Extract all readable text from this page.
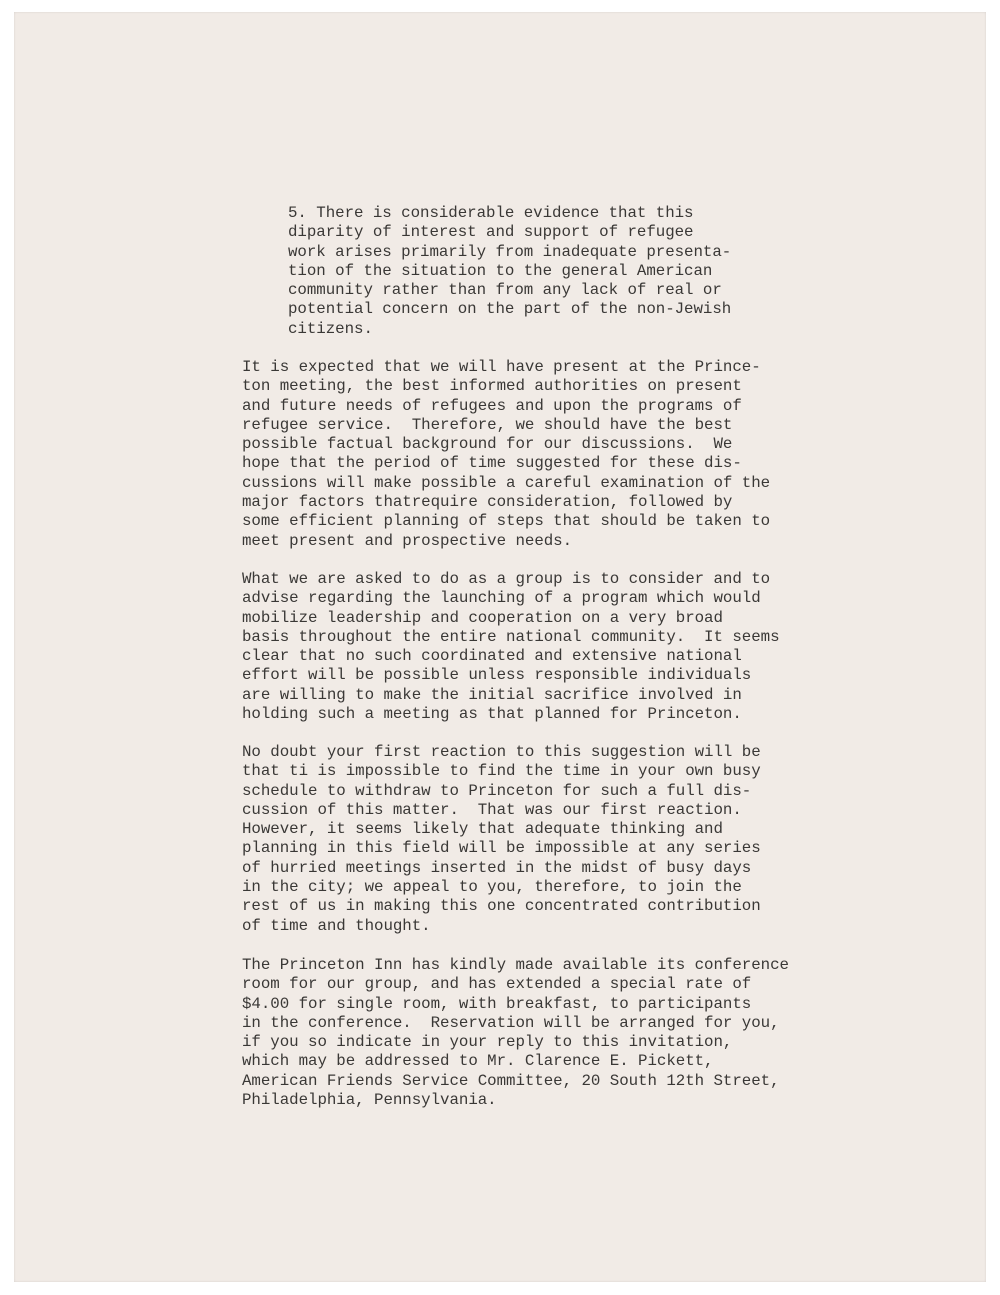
5. There is considerable evidence that this
diparity of interest and support of refugee
work arises primarily from inadequate presenta-
tion of the situation to the general American
community rather than from any lack of real or
potential concern on the part of the non-Jewish
citizens.
It is expected that we will have present at the Prince-
ton meeting, the best informed authorities on present
and future needs of refugees and upon the programs of
refugee service.  Therefore, we should have the best
possible factual background for our discussions.  We
hope that the period of time suggested for these dis-
cussions will make possible a careful examination of the
major factors thatrequire consideration, followed by
some efficient planning of steps that should be taken to
meet present and prospective needs.
What we are asked to do as a group is to consider and to
advise regarding the launching of a program which would
mobilize leadership and cooperation on a very broad
basis throughout the entire national community.  It seems
clear that no such coordinated and extensive national
effort will be possible unless responsible individuals
are willing to make the initial sacrifice involved in
holding such a meeting as that planned for Princeton.
No doubt your first reaction to this suggestion will be
that ti is impossible to find the time in your own busy
schedule to withdraw to Princeton for such a full dis-
cussion of this matter.  That was our first reaction.
However, it seems likely that adequate thinking and
planning in this field will be impossible at any series
of hurried meetings inserted in the midst of busy days
in the city; we appeal to you, therefore, to join the
rest of us in making this one concentrated contribution
of time and thought.
The Princeton Inn has kindly made available its conference
room for our group, and has extended a special rate of
$4.00 for single room, with breakfast, to participants
in the conference.  Reservation will be arranged for you,
if you so indicate in your reply to this invitation,
which may be addressed to Mr. Clarence E. Pickett,
American Friends Service Committee, 20 South 12th Street,
Philadelphia, Pennsylvania.
